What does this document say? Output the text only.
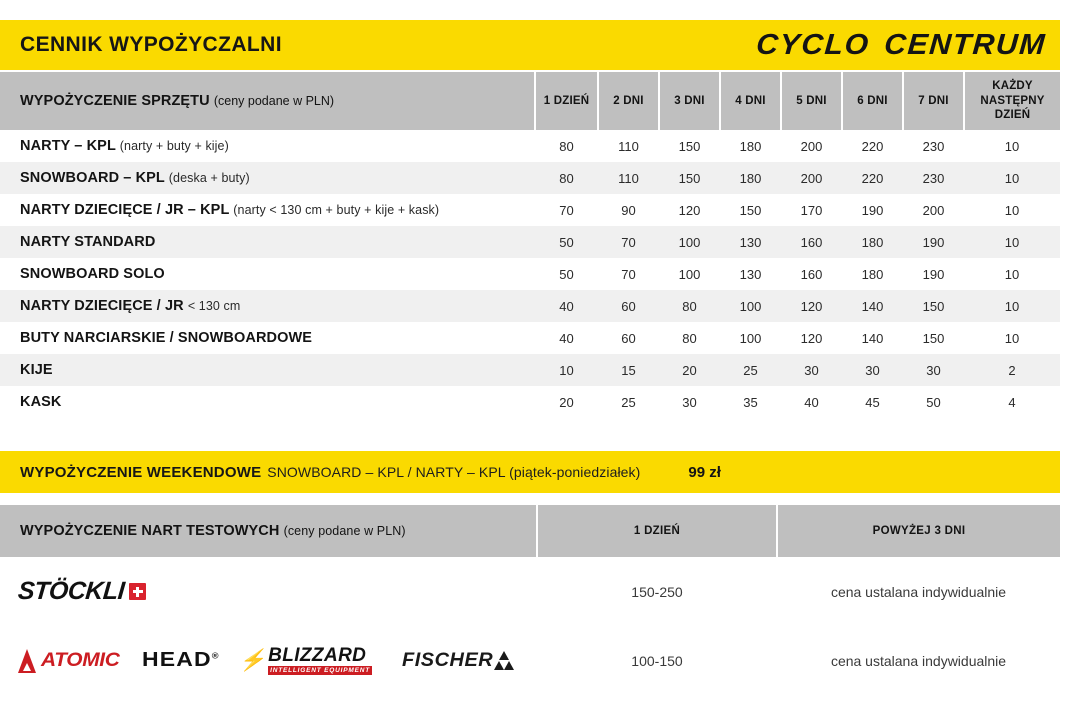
CENNIK WYPOŻYCZALNI	CYCLO CENTRUM
WYPOŻYCZENIE SPRZĘTU (ceny podane w PLN)	1 DZIEŃ	2 DNI	3 DNI	4 DNI	5 DNI	6 DNI	7 DNI	KAŻDY
NASTĘPNY
DZIEŃ
NARTY – KPL (narty + buty + kije)	80	110	150	180	200	220	230	10
SNOWBOARD – KPL (deska + buty)	80	110	150	180	200	220	230	10
NARTY DZIECIĘCE / JR – KPL (narty < 130 cm + buty + kije + kask)	70	90	120	150	170	190	200	10
NARTY STANDARD	50	70	100	130	160	180	190	10
SNOWBOARD SOLO	50	70	100	130	160	180	190	10
NARTY DZIECIĘCE / JR < 130 cm	40	60	80	100	120	140	150	10
BUTY NARCIARSKIE / SNOWBOARDOWE	40	60	80	100	120	140	150	10
KIJE	10	15	20	25	30	30	30	2
KASK	20	25	30	35	40	45	50	4
WYPOŻYCZENIE WEEKENDOWE SNOWBOARD – KPL / NARTY – KPL (piątek-poniedziałek)	99 zł
WYPOŻYCZENIE NART TESTOWYCH (ceny podane w PLN)	1 DZIEŃ	POWYŻEJ 3 DNI

STÖCKLI	150-250	cena ustalana indywidualnie

ATOMIC HEAD® ⚡ BLIZZARD
INTELLIGENT EQUIPMENT
FISCHER	100-150	cena ustalana indywidualnie
